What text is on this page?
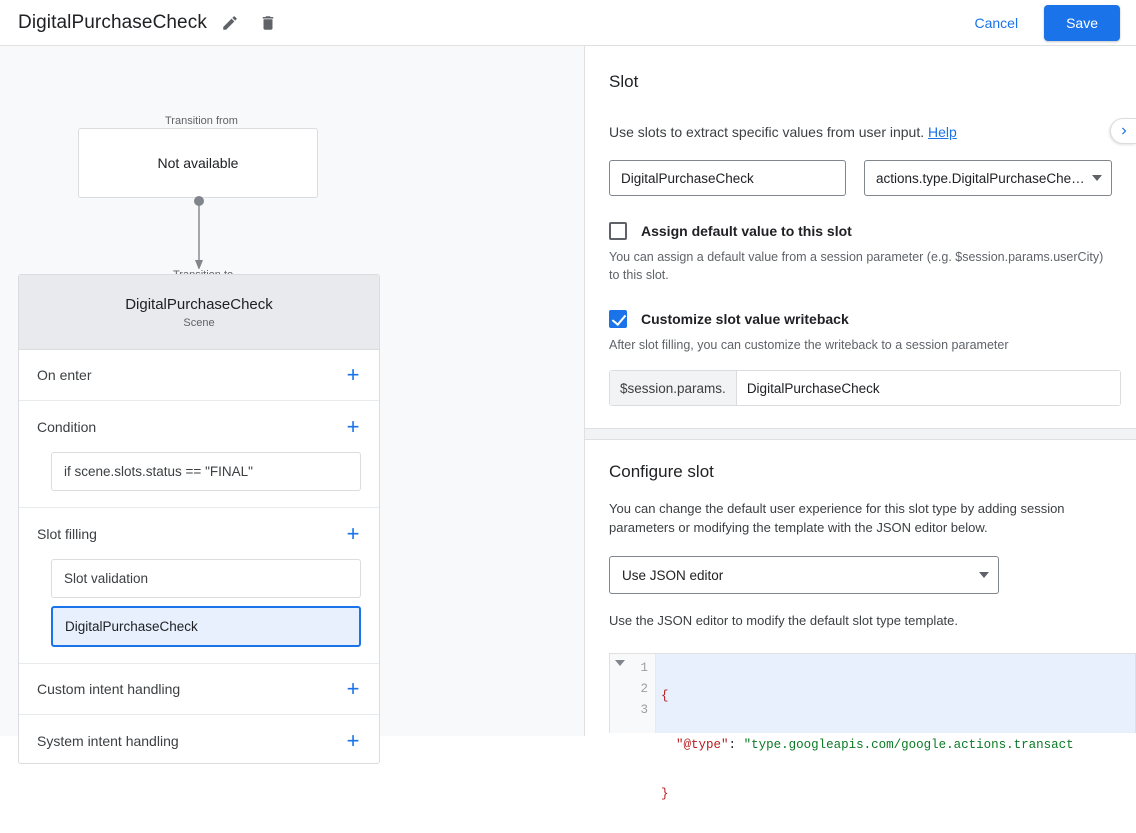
DigitalPurchaseCheck	Cancel	Save
Transition from
Not available
DigitalPurchaseCheck
Scene
On enter	+
Condition	+
if scene.slots.status == "FINAL"
Slot filling	+
Slot validation
DigitalPurchaseCheck
Custom intent handling	+
System intent handling	+
Slot
Use slots to extract specific values from user input. Help
DigitalPurchaseCheck
actions.type.DigitalPurchaseChe…
Assign default value to this slot
You can assign a default value from a session parameter (e.g. $session.params.userCity) to this slot.
Customize slot value writeback
After slot filling, you can customize the writeback to a session parameter
$session.params.
DigitalPurchaseCheck
Configure slot
You can change the default user experience for this slot type by adding session parameters or modifying the template with the JSON editor below.
Use JSON editor
Use the JSON editor to modify the default slot type template.
1
2
3

{

"@type": "type.googleapis.com/google.actions.transact

}
